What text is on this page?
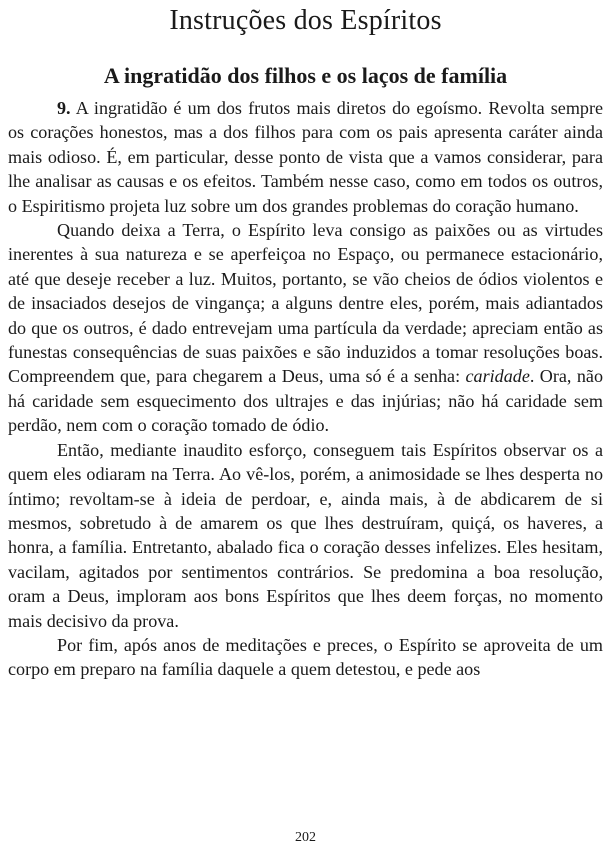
Instruções dos Espíritos
A ingratidão dos filhos e os laços de família

9. A ingratidão é um dos frutos mais diretos do egoísmo. Revolta sempre os corações honestos, mas a dos filhos para com os pais apresenta caráter ainda mais odioso. É, em particular, desse ponto de vista que a vamos considerar, para lhe analisar as causas e os efeitos. Também nesse caso, como em todos os outros, o Espiritismo projeta luz sobre um dos grandes problemas do coração humano.

Quando deixa a Terra, o Espírito leva consigo as paixões ou as virtudes inerentes à sua natureza e se aperfeiçoa no Espaço, ou permanece estacionário, até que deseje receber a luz. Muitos, portanto, se vão cheios de ódios violentos e de insaciados desejos de vingança; a alguns dentre eles, porém, mais adiantados do que os outros, é dado entrevejam uma partícula da verdade; apreciam então as funestas consequências de suas paixões e são induzidos a tomar resoluções boas. Compreendem que, para chegarem a Deus, uma só é a senha: caridade. Ora, não há caridade sem esquecimento dos ultrajes e das injúrias; não há caridade sem perdão, nem com o coração tomado de ódio.

Então, mediante inaudito esforço, conseguem tais Espíritos observar os a quem eles odiaram na Terra. Ao vê-los, porém, a animosidade se lhes desperta no íntimo; revoltam-se à ideia de perdoar, e, ainda mais, à de abdicarem de si mesmos, sobretudo à de amarem os que lhes destruíram, quiçá, os haveres, a honra, a família. Entretanto, abalado fica o coração desses infelizes. Eles hesitam, vacilam, agitados por sentimentos contrários. Se predomina a boa resolução, oram a Deus, imploram aos bons Espíritos que lhes deem forças, no momento mais decisivo da prova.

Por fim, após anos de meditações e preces, o Espírito se aproveita de um corpo em preparo na família daquele a quem detestou, e pede aos

202
